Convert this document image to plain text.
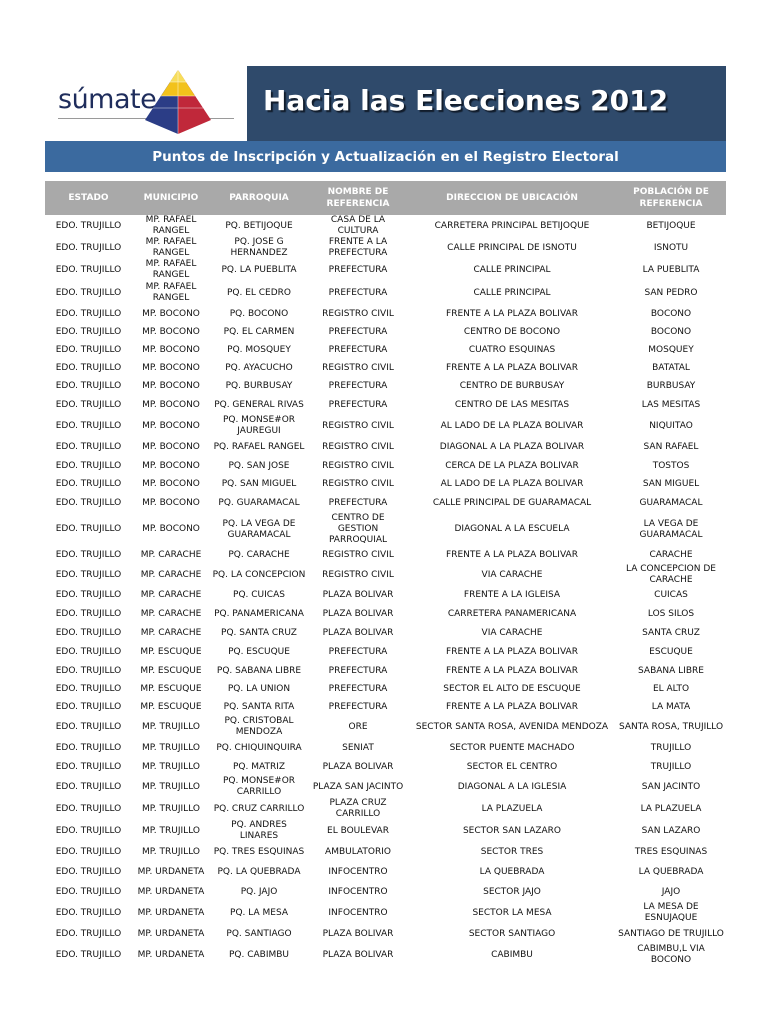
súmate	Hacia las Elecciones 2012
Puntos de Inscripción y Actualización en el Registro Electoral
ESTADO	MUNICIPIO	PARROQUIA	NOMBRE DE REFERENCIA	DIRECCION DE UBICACIÓN	POBLACIÓN DE REFERENCIA
EDO. TRUJILLO	MP. RAFAEL RANGEL	PQ. BETIJOQUE	CASA DE LA CULTURA	CARRETERA PRINCIPAL BETIJOQUE	BETIJOQUE
EDO. TRUJILLO	MP. RAFAEL RANGEL	PQ. JOSE G HERNANDEZ	FRENTE A LA PREFECTURA	CALLE PRINCIPAL DE ISNOTU	ISNOTU
EDO. TRUJILLO	MP. RAFAEL RANGEL	PQ. LA PUEBLITA	PREFECTURA	CALLE PRINCIPAL	LA PUEBLITA
EDO. TRUJILLO	MP. RAFAEL RANGEL	PQ. EL CEDRO	PREFECTURA	CALLE PRINCIPAL	SAN PEDRO
EDO. TRUJILLO	MP. BOCONO	PQ. BOCONO	REGISTRO CIVIL	FRENTE A LA PLAZA BOLIVAR	BOCONO
EDO. TRUJILLO	MP. BOCONO	PQ. EL CARMEN	PREFECTURA	CENTRO DE BOCONO	BOCONO
EDO. TRUJILLO	MP. BOCONO	PQ. MOSQUEY	PREFECTURA	CUATRO ESQUINAS	MOSQUEY
EDO. TRUJILLO	MP. BOCONO	PQ. AYACUCHO	REGISTRO CIVIL	FRENTE A LA PLAZA BOLIVAR	BATATAL
EDO. TRUJILLO	MP. BOCONO	PQ. BURBUSAY	PREFECTURA	CENTRO DE BURBUSAY	BURBUSAY
EDO. TRUJILLO	MP. BOCONO	PQ. GENERAL RIVAS	PREFECTURA	CENTRO DE LAS MESITAS	LAS MESITAS
EDO. TRUJILLO	MP. BOCONO	PQ. MONSE#OR JAUREGUI	REGISTRO CIVIL	AL LADO DE LA PLAZA BOLIVAR	NIQUITAO
EDO. TRUJILLO	MP. BOCONO	PQ. RAFAEL RANGEL	REGISTRO CIVIL	DIAGONAL A LA PLAZA BOLIVAR	SAN RAFAEL
EDO. TRUJILLO	MP. BOCONO	PQ. SAN JOSE	REGISTRO CIVIL	CERCA DE LA PLAZA BOLIVAR	TOSTOS
EDO. TRUJILLO	MP. BOCONO	PQ. SAN MIGUEL	REGISTRO CIVIL	AL LADO DE LA PLAZA BOLIVAR	SAN MIGUEL
EDO. TRUJILLO	MP. BOCONO	PQ. GUARAMACAL	PREFECTURA	CALLE PRINCIPAL DE GUARAMACAL	GUARAMACAL
EDO. TRUJILLO	MP. BOCONO	PQ. LA VEGA DE GUARAMACAL	CENTRO DE GESTION PARROQUIAL	DIAGONAL A LA ESCUELA	LA VEGA DE GUARAMACAL
EDO. TRUJILLO	MP. CARACHE	PQ. CARACHE	REGISTRO CIVIL	FRENTE A LA PLAZA BOLIVAR	CARACHE
EDO. TRUJILLO	MP. CARACHE	PQ. LA CONCEPCION	REGISTRO CIVIL	VIA CARACHE	LA CONCEPCION DE CARACHE
EDO. TRUJILLO	MP. CARACHE	PQ. CUICAS	PLAZA BOLIVAR	FRENTE A LA IGLEISA	CUICAS
EDO. TRUJILLO	MP. CARACHE	PQ. PANAMERICANA	PLAZA BOLIVAR	CARRETERA PANAMERICANA	LOS SILOS
EDO. TRUJILLO	MP. CARACHE	PQ. SANTA CRUZ	PLAZA BOLIVAR	VIA CARACHE	SANTA CRUZ
EDO. TRUJILLO	MP. ESCUQUE	PQ. ESCUQUE	PREFECTURA	FRENTE A LA PLAZA BOLIVAR	ESCUQUE
EDO. TRUJILLO	MP. ESCUQUE	PQ. SABANA LIBRE	PREFECTURA	FRENTE A LA PLAZA BOLIVAR	SABANA LIBRE
EDO. TRUJILLO	MP. ESCUQUE	PQ. LA UNION	PREFECTURA	SECTOR EL ALTO DE ESCUQUE	EL ALTO
EDO. TRUJILLO	MP. ESCUQUE	PQ. SANTA RITA	PREFECTURA	FRENTE A LA PLAZA BOLIVAR	LA MATA
EDO. TRUJILLO	MP. TRUJILLO	PQ. CRISTOBAL MENDOZA	ORE	SECTOR SANTA ROSA, AVENIDA MENDOZA	SANTA ROSA, TRUJILLO
EDO. TRUJILLO	MP. TRUJILLO	PQ. CHIQUINQUIRA	SENIAT	SECTOR PUENTE MACHADO	TRUJILLO
EDO. TRUJILLO	MP. TRUJILLO	PQ. MATRIZ	PLAZA BOLIVAR	SECTOR EL CENTRO	TRUJILLO
EDO. TRUJILLO	MP. TRUJILLO	PQ. MONSE#OR CARRILLO	PLAZA SAN JACINTO	DIAGONAL A LA IGLESIA	SAN JACINTO
EDO. TRUJILLO	MP. TRUJILLO	PQ. CRUZ CARRILLO	PLAZA CRUZ CARRILLO	LA PLAZUELA	LA PLAZUELA
EDO. TRUJILLO	MP. TRUJILLO	PQ. ANDRES LINARES	EL BOULEVAR	SECTOR SAN LAZARO	SAN LAZARO
EDO. TRUJILLO	MP. TRUJILLO	PQ. TRES ESQUINAS	AMBULATORIO	SECTOR TRES	TRES ESQUINAS
EDO. TRUJILLO	MP. URDANETA	PQ. LA QUEBRADA	INFOCENTRO	LA QUEBRADA	LA QUEBRADA
EDO. TRUJILLO	MP. URDANETA	PQ. JAJO	INFOCENTRO	SECTOR JAJO	JAJO
EDO. TRUJILLO	MP. URDANETA	PQ. LA MESA	INFOCENTRO	SECTOR LA MESA	LA MESA DE ESNUJAQUE
EDO. TRUJILLO	MP. URDANETA	PQ. SANTIAGO	PLAZA BOLIVAR	SECTOR SANTIAGO	SANTIAGO DE TRUJILLO
EDO. TRUJILLO	MP. URDANETA	PQ. CABIMBU	PLAZA BOLIVAR	CABIMBU	CABIMBU,L VIA BOCONO
